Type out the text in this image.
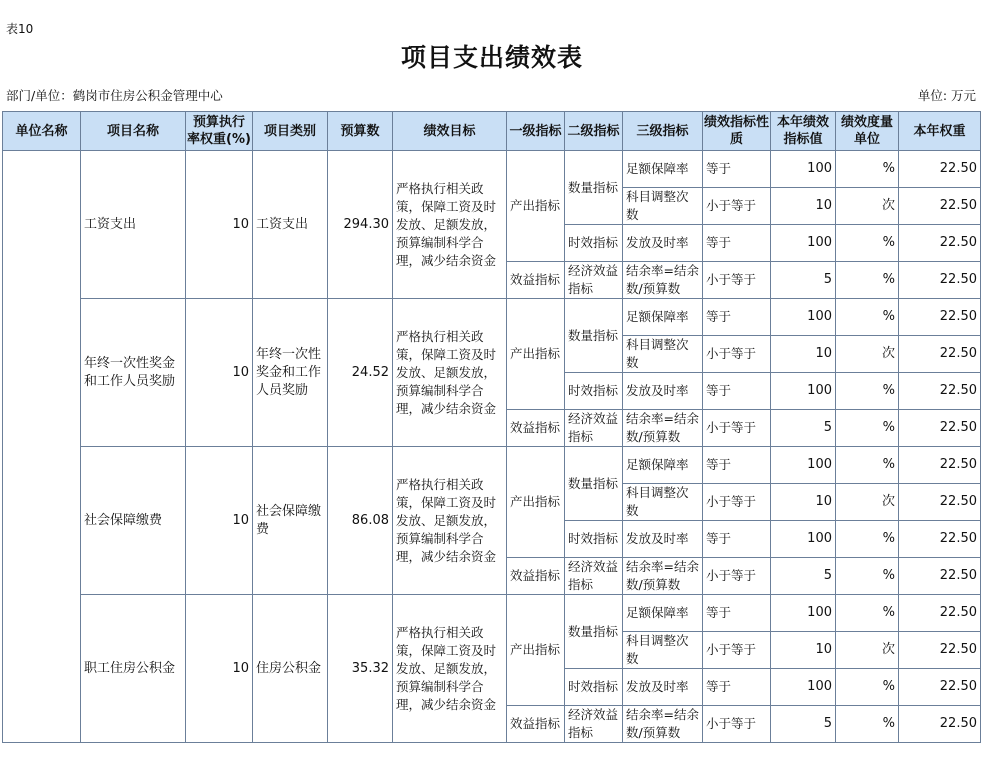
表10
项目支出绩效表
部门/单位：鹤岗市住房公积金管理中心	单位: 万元
单位名称	项目名称	预算执行率权重(%)	项目类别	预算数	绩效目标	一级指标	二级指标	三级指标	绩效指标性质	本年绩效指标值	绩效度量单位	本年权重
	工资支出	10	工资支出	294.30	严格执行相关政策，保障工资及时发放、足额发放，预算编制科学合理，减少结余资金	产出指标	数量指标	足额保障率	等于	100	%	22.50
								科目调整次数	小于等于	10	次	22.50
							时效指标	发放及时率	等于	100	%	22.50
						效益指标	经济效益指标	结余率=结余数/预算数	小于等于	5	%	22.50
	年终一次性奖金和工作人员奖励	10	年终一次性奖金和工作人员奖励	24.52	严格执行相关政策，保障工资及时发放、足额发放，预算编制科学合理，减少结余资金	产出指标	数量指标	足额保障率	等于	100	%	22.50
								科目调整次数	小于等于	10	次	22.50
							时效指标	发放及时率	等于	100	%	22.50
						效益指标	经济效益指标	结余率=结余数/预算数	小于等于	5	%	22.50
	社会保障缴费	10	社会保障缴费	86.08	严格执行相关政策，保障工资及时发放、足额发放，预算编制科学合理，减少结余资金	产出指标	数量指标	足额保障率	等于	100	%	22.50
								科目调整次数	小于等于	10	次	22.50
							时效指标	发放及时率	等于	100	%	22.50
						效益指标	经济效益指标	结余率=结余数/预算数	小于等于	5	%	22.50
	职工住房公积金	10	住房公积金	35.32	严格执行相关政策，保障工资及时发放、足额发放，预算编制科学合理，减少结余资金	产出指标	数量指标	足额保障率	等于	100	%	22.50
								科目调整次数	小于等于	10	次	22.50
							时效指标	发放及时率	等于	100	%	22.50
						效益指标	经济效益指标	结余率=结余数/预算数	小于等于	5	%	22.50
